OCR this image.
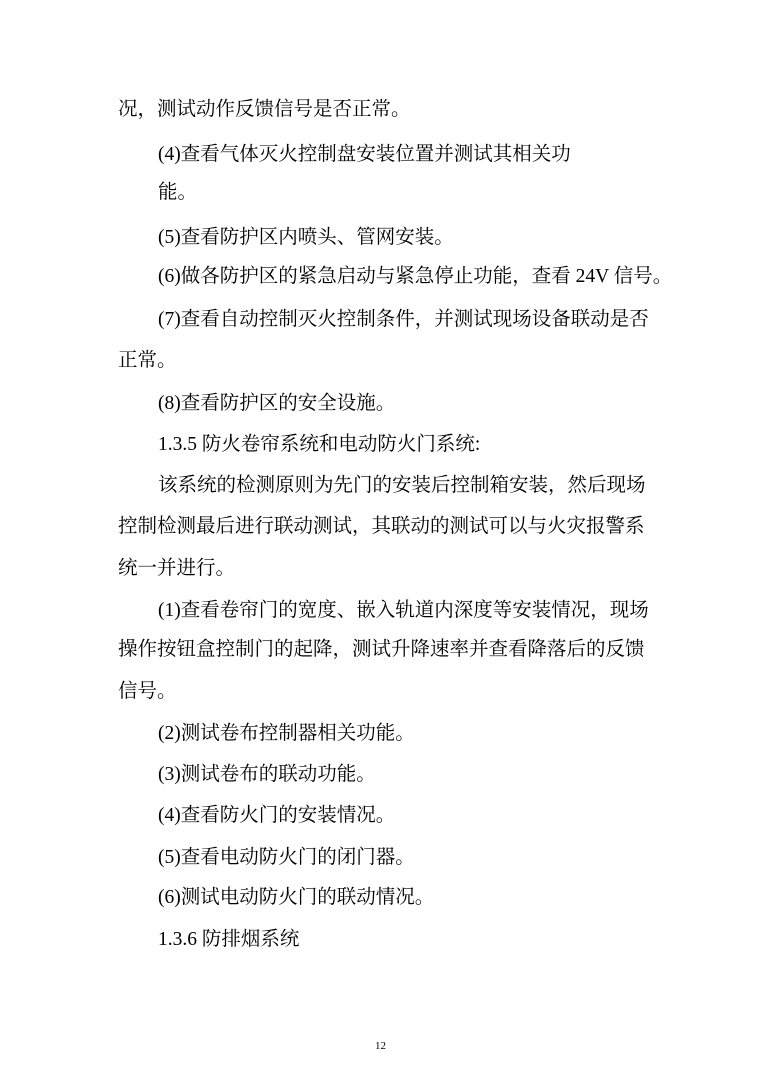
况，测试动作反馈信号是否正常。
(4)查看气体灭火控制盘安装位置并测试其相关功
能。
(5)查看防护区内喷头、管网安装。
(6)做各防护区的紧急启动与紧急停止功能，查看 24V 信号。
(7)查看自动控制灭火控制条件，并测试现场设备联动是否
正常。
(8)查看防护区的安全设施。
1.3.5 防火卷帘系统和电动防火门系统:
该系统的检测原则为先门的安装后控制箱安装，然后现场
控制检测最后进行联动测试，其联动的测试可以与火灾报警系
统一并进行。
(1)查看卷帘门的宽度、嵌入轨道内深度等安装情况，现场
操作按钮盒控制门的起降，测试升降速率并查看降落后的反馈
信号。
(2)测试卷布控制器相关功能。
(3)测试卷布的联动功能。
(4)查看防火门的安装情况。
(5)查看电动防火门的闭门器。
(6)测试电动防火门的联动情况。
1.3.6 防排烟系统
12
